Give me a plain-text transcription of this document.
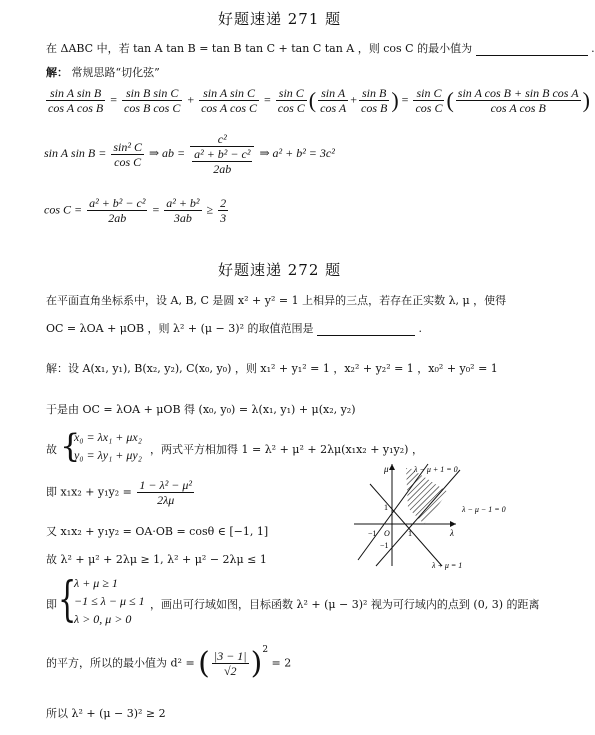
好题速递 271 题
在 ΔABC 中，若 tan A tan B = tan B tan C + tan C tan A ，则 cos C 的最小值为	.
解： 常规思路“切化弦”
$\frac{\text{sin A sin B}}{\text{cos A cos B}} = \frac{\text{sin B sin C}}{\text{cos B cos C}} + \frac{\text{sin A sin C}}{\text{cos A cos C}} = \frac{\text{sin C}}{\text{cos C}}$ ( $\frac{\text{sin A}}{\text{cos A}} + \frac{\text{sin B}}{\text{cos B}}$ ) = $\frac{\text{sin C}}{\text{cos C}}$ ( $\frac{\text{sin A cos B + sin B cos A}}{\text{cos A cos B}}$ )
sin A $\sin B = \frac{\text{sin² C}}{\text{cos C}}$ ⇒ ab = $\frac{\text{c²}}{\frac{\text{a² + b² − c²}}{2ab}}$ ⇒ a² + b² = 3c²
$\cos C = \frac{\text{a² + b² − c²}}{2ab} = \frac{\text{a² + b²}}{3ab} \ge \frac{2}{3}$
好题速递 272 题
在平面直角坐标系中，设 A, B, C 是圆 x² + y² = 1 上相异的三点，若存在正实数 λ, μ ，使得
OC = λOA + μOB ，则 λ² + (μ − 3)² 的取值范围是	.
解：设 A(x₁, y₁), B(x₂, y₂), C(x₀, y₀) ，则 x₁² + y₁² = 1 ，x₂² + y₂² = 1 ，x₀² + y₀² = 1
于是由 OC = λOA + μOB 得 (x₀, y₀) = λ(x₁, y₁) + μ(x₂, y₂)
故 {
x₀ = λx₁ + μx₂
y₀ = λy₁ + μy₂ ，两式平方相加得 1 = λ² + μ² + 2λμ(x₁x₂ + y₁y₂) ，
即 $x_1x_2 + y_1y_2 = \frac{\text{1 − λ² − μ²}}{2\lambda\mu}$
又 x₁x₂ + y₁y₂ = OA·OB = cosθ ∈ [−1, 1]
故 λ² + μ² + 2λμ ≥ 1, λ² + μ² − 2λμ ≤ 1
即 {
λ + μ ≥ 1
−1 ≤ λ − μ ≤ 1
λ > 0, μ > 0
，画出可行域如图，目标函数 λ² + (μ − 3)² 视为可行域内的点到 (0, 3) 的距离
的平方，所以的最小值为 d² = ( $\frac{|3 - 1|}{√2} )^2 = 2$
所以 λ² + (μ − 3)² ≥ 2
μ
λ
λ − μ + 1 = 0
λ − μ − 1 = 0
λ + μ = 1
1
−1 O 1
−1
